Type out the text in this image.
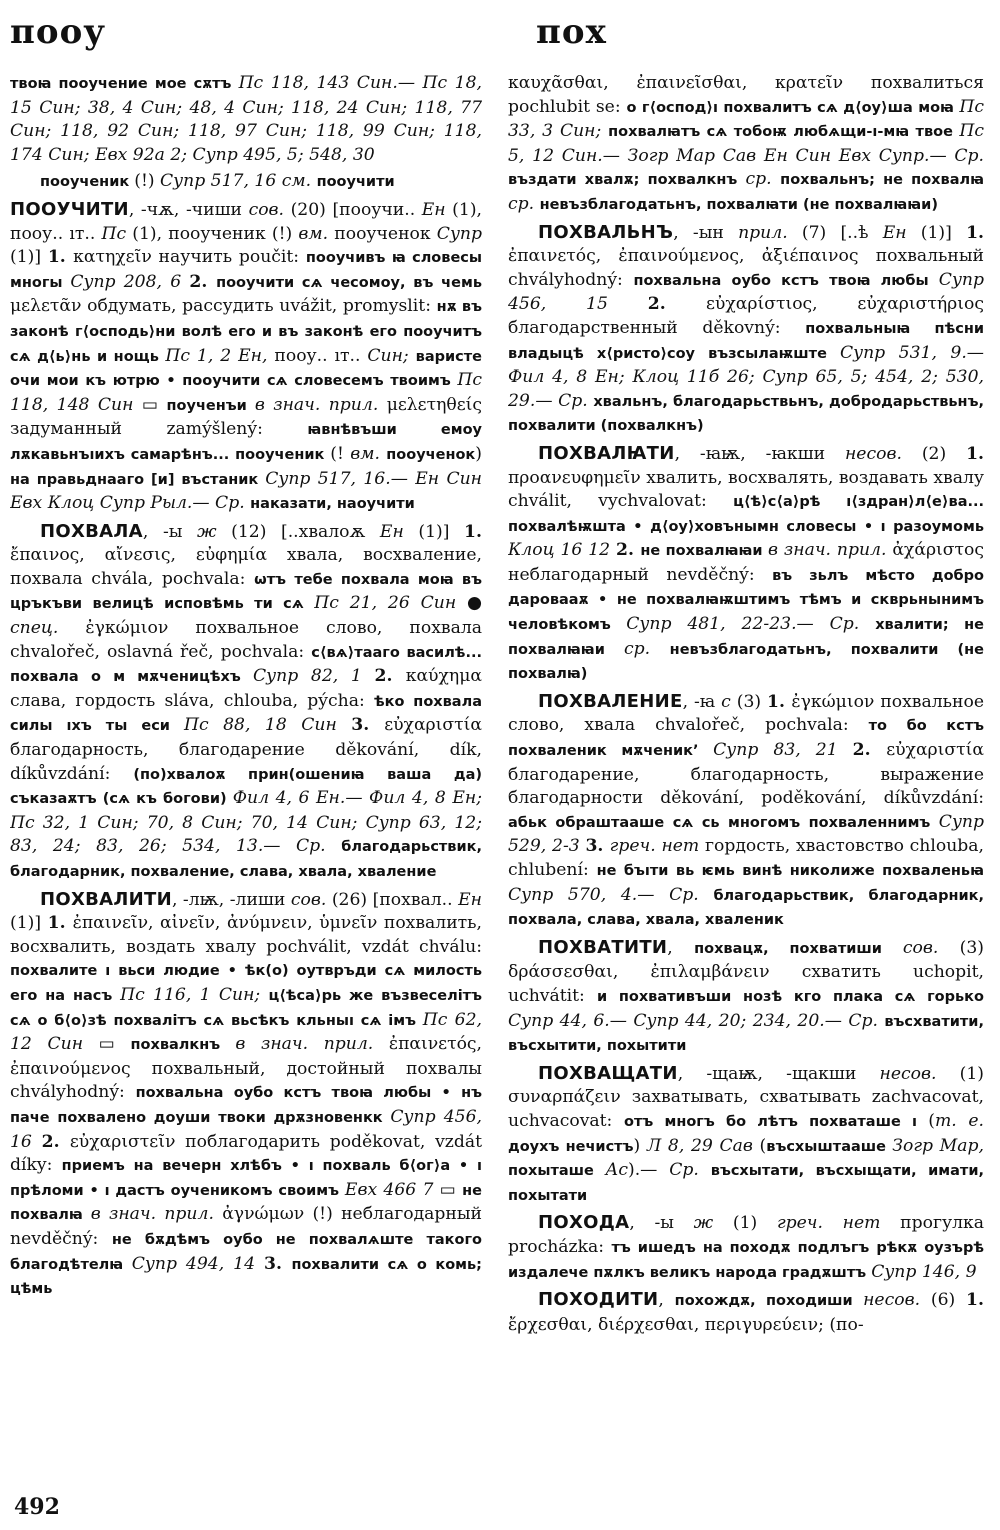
пооу	пох

твоꙗ пооучение мое сѫтъ Пс 118, 143 Син.— Пс 18, 15 Син; 38, 4 Син; 48, 4 Син; 118, 24 Син; 118, 77 Син; 118, 92 Син; 118, 97 Син; 118, 99 Син; 118, 174 Син; Евх 92а 2; Супр 495, 5; 548, 30

пооученик (!) Супр 517, 16 см. пооучити

ПООУЧИТИ, -чѫ, -чиши сов. (20) [пооучи.. Ен (1), поoу.. ıт.. Пс (1), пооученик (!) вм. пооученок Супр (1)] 1. κατηχεῖν научить poučit: пооучивъ ꙗ словесы многы Супр 208, 6 2. пооучити сѧ чесомоу, въ чемь μελετᾶν обдумать, рассудить uvážit, promyslit: нѫ въ законѣ г⟨осподь⟩ни волѣ его и въ законѣ его пооучитъ сѧ д⟨ь⟩нь и нощь Пс 1, 2 Ен, поoу.. ıт.. Син; варисте очи мои къ ютрю • пооучити сѧ словесемъ твоимъ Пс 118, 148 Син ▭ поученъи в знач. прил. μελετηθείς задуманный zamýšlený: ꙗвнѣвъши емоу лѫкавьнъıихъ самарѣнъ... пооученик (! вм. пооученок) на правьднааго [и] въстаник Супр 517, 16.— Ен Син Евх Клоц Супр Рыл.— Ср. наказати, наоучити

ПОХВАЛА, -ы ж (12) [..хвалоѫ Ен (1)] 1. ἔπαινος, αἴνεσις, εὐφημία хвала, восхваление, похвала chvála, pochvala: ѡтъ тебе похвала моꙗ въ цръкъви велицѣ исповѣмь ти сѧ Пс 21, 26 Син ● спец. ἐγκώμιον похвальное слово, похвала chvalořeč, oslavná řeč, pochvala: с⟨вѧ⟩тааго василѣ... похвала о м мѫченицѣхъ Супр 82, 1 2. καύχημα слава, гордость sláva, chlouba, pýcha: ѣко похвала силы ıхъ ты еси Пс 88, 18 Син 3. εὐχαριστία благодарность, благодарение děkování, dík, díkůvzdání: (по)хвалоѫ прин(ошениꙗ ваша да) съказаѫтъ (сѧ къ богови) Фил 4, 6 Ен.— Фил 4, 8 Ен; Пс 32, 1 Син; 70, 8 Син; 70, 14 Син; Супр 63, 12; 83, 24; 83, 26; 534, 13.— Ср. благодарьствик, благодарник, похваление, слава, хвала, хваление

ПОХВАЛИТИ, -лѭ, -лиши сов. (26) [похвал.. Ен (1)] 1. ἐπαινεῖν, αἰνεῖν, ἀνύμνειν, ὑμνεῖν похвалить, восхвалить, воздать хвалу pochválit, vzdát chválu: похвалите ı вьси людие • ѣк(о) оутвръди сѧ милость его на насъ Пс 116, 1 Син; ц⟨ѣса⟩рь же възвеселітъ сѧ о б⟨о⟩зѣ похвалітъ сѧ вьсѣкъ кльныı сѧ імъ Пс 62, 12 Син ▭ похвалкнъ в знач. прил. ἐπαινετός, ἐπαινούμενος похвальный, достойный похвалы chvályhodný: похвальна оубо кстъ твоꙗ любы • нъ паче похвалено доуши твоки дрѫзновенкк Супр 456, 16 2. εὐχαριστεῖν поблагодарить poděkovat, vzdát díky: приемъ на вечерн хлѣбъ • ı похваль б⟨ог⟩а • ı прѣломи • ı дастъ оученикомъ своимъ Евх 466 7 ▭ не похвалꙗ в знач. прил. ἀγνώμων (!) неблагодарный nevděčný: не бѫдѣмъ оубо не похвалѧште такого благодѣтелꙗ Супр 494, 14 3. похвалити сѧ о комь; цѣмь

καυχᾶσθαι, ἐπαινεῖσθαι, κρατεῖν похвалиться pochlubit se: о г⟨оспод⟩ı похвалитъ сѧ д⟨оу⟩ша моꙗ Пс 33, 3 Син; похвалꙗтъ сѧ тобоѭ любѧщи-ı-мꙗ твое Пс 5, 12 Син.— Зогр Мар Сав Ен Син Евх Супр.— Ср. въздати хвалѫ; похвалкнъ ср. похвальнъ; не похвалꙗ ср. невъзблагодатьнъ, похвалꙗти (не похвалꙗꙗи)

ПОХВАЛЬНЪ, -ын прил. (7) [..ѣ Ен (1)] 1. ἐπαινετός, ἐπαινούμενος, ἀξιέπαινος похвальный chvályhodný: похвальна оубо кстъ твоꙗ любы Супр 456, 15 2. εὐχαρίστιος, εὐχαριστήριος благодарственный děkovný: похвальныꙗ пѣсни владыцѣ х⟨ристо⟩соу възсылаѭште Супр 531, 9.— Фил 4, 8 Ен; Клоц 11б 26; Супр 65, 5; 454, 2; 530, 29.— Ср. хвальнъ, благодарьствьнъ, добродарьствьнъ, похвалити (похвалкнъ)

ПОХВАЛꙖТИ, -ꙗѭ, -ꙗкши несов. (2) 1. προανευφημεῖν хвалить, восхвалять, воздавать хвалу chválit, vychvalovat: ц⟨ѣ⟩с⟨а⟩рѣ ı⟨здран⟩л⟨е⟩ва... похвалѣѭшта • д⟨оу⟩ховънымн словесы • ı разоумомь Клоц 16 12 2. не похвалꙗꙗи в знач. прил. ἀχάριστος неблагодарный nevděčný: въ зьлъ мѣсто добро даровааѫ • не похвалꙗѭштимъ тѣмъ и скврьнынимъ человѣкомъ Супр 481, 22-23.— Ср. хвалити; не похвалꙗꙗи ср. невъзблагодатьнъ, похвалити (не похвалꙗ)

ПОХВАЛЕНИЕ, -ꙗ с (3) 1. ἐγκώμιον похвальное слово, хвала chvalořeč, pochvala: то бо кстъ похваленик мѫченик’ Супр 83, 21 2. εὐχαριστία благодарение, благодарность, выражение благодарности děkování, poděkování, díkůvzdání: абьк обраштааше сѧ сь многомъ похваленнимъ Супр 529, 2-3 3. греч. нет гордость, хвастовство chlouba, chlubení: не бъıти вь ѥмь винѣ николиже похваленьꙗ Супр 570, 4.— Ср. благодарьствик, благодарник, похвала, слава, хвала, хваленик

ПОХВАТИТИ, похвацѫ, похватиши сов. (3) δράσσεσθαι, ἐπιλαμβάνειν схватить uchopit, uchvátit: и похвативъши нозѣ кго плака сѧ горько Супр 44, 6.— Супр 44, 20; 234, 20.— Ср. въсхватити, въсхытити, похытити

ПОХВАЩАТИ, -щаѭ, -щакши несов. (1) συναρπάζειν захватывать, схватывать zachvacovat, uchvacovat: отъ многъ бо лѣтъ похваташе ı (т. е. доухъ нечистъ) Л 8, 29 Сав (въсхыштааше Зогр Мар, похыташе Ас).— Ср. въсхытати, въсхыщати, имати, похытати

ПОХОДА, -ы ж (1) греч. нет прогулка procházka: тъ ишедъ на походѫ подлъгъ рѣкѫ оузърѣ издалече пѫлкъ великъ народа градѫштъ Супр 146, 9

ПОХОДИТИ, похождѫ, походиши несов. (6) 1. ἔρχεσθαι, διέρχεσθαι, περιγυρεύειν; (по-

492
